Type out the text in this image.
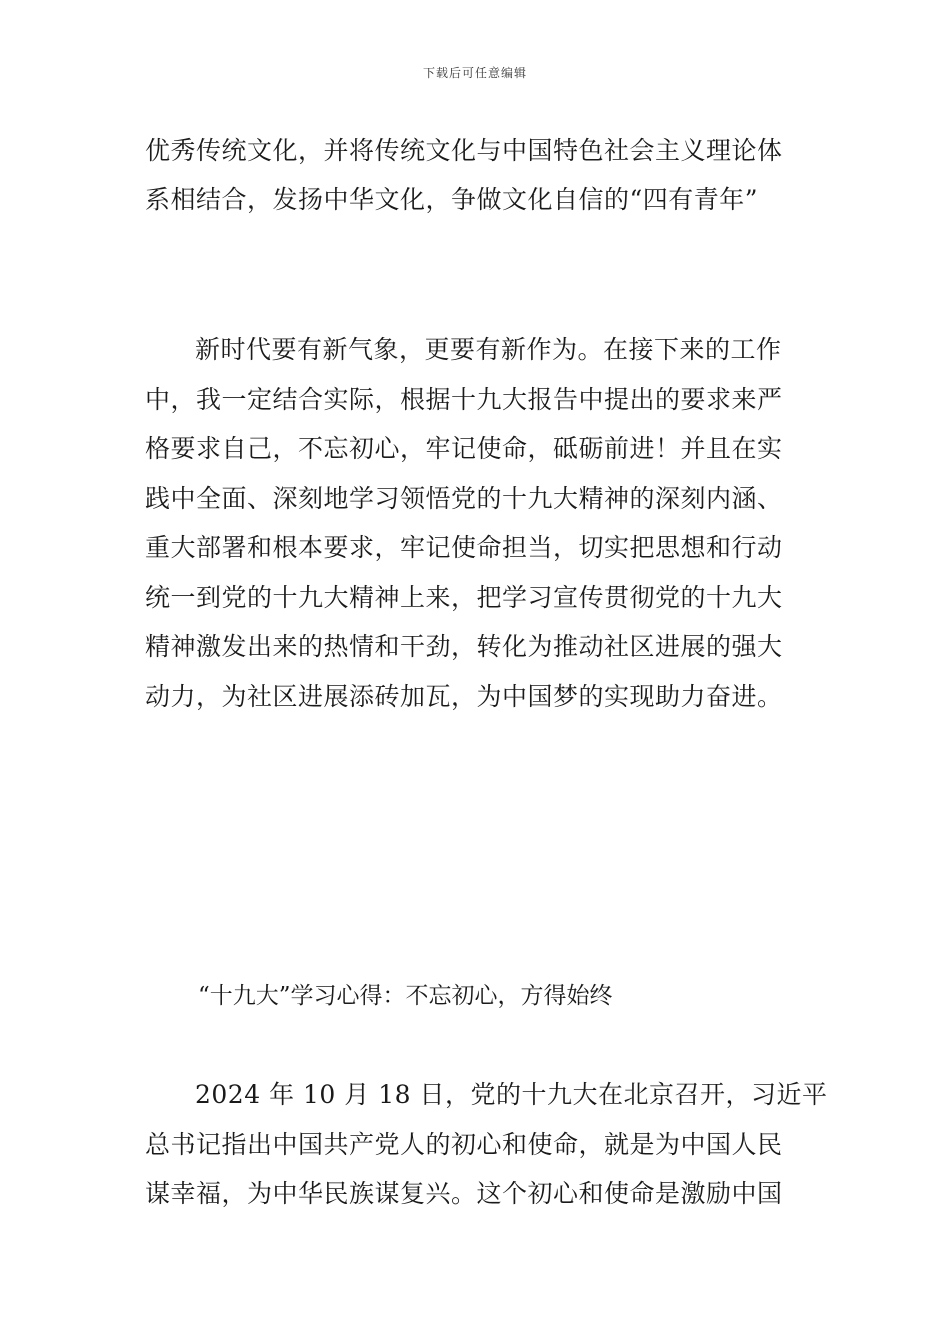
下载后可任意编辑
优秀传统文化，并将传统文化与中国特色社会主义理论体
系相结合，发扬中华文化，争做文化自信的“四有青年”
新时代要有新气象，更要有新作为。在接下来的工作
中，我一定结合实际，根据十九大报告中提出的要求来严
格要求自己，不忘初心，牢记使命，砥砺前进！并且在实
践中全面、深刻地学习领悟党的十九大精神的深刻内涵、
重大部署和根本要求，牢记使命担当，切实把思想和行动
统一到党的十九大精神上来，把学习宣传贯彻党的十九大
精神激发出来的热情和干劲，转化为推动社区进展的强大
动力，为社区进展添砖加瓦，为中国梦的实现助力奋进。
“十九大”学习心得：不忘初心，方得始终
2024 年 10 月 18 日，党的十九大在北京召开，习近平
总书记指出中国共产党人的初心和使命，就是为中国人民
谋幸福，为中华民族谋复兴。这个初心和使命是激励中国
